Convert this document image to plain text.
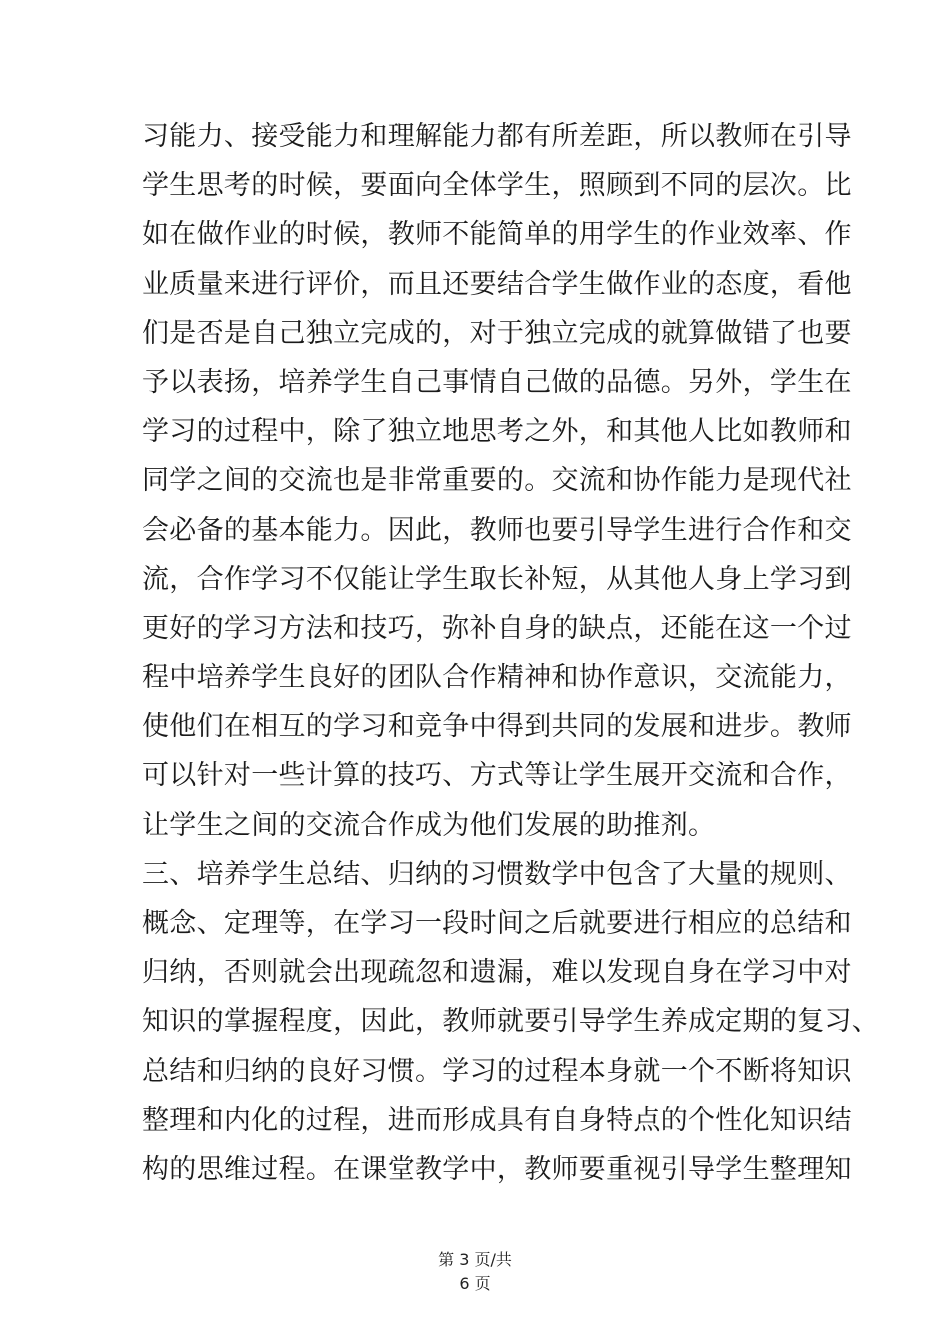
习能力、接受能力和理解能力都有所差距，所以教师在引导
学生思考的时候，要面向全体学生，照顾到不同的层次。比
如在做作业的时候，教师不能简单的用学生的作业效率、作
业质量来进行评价，而且还要结合学生做作业的态度，看他
们是否是自己独立完成的，对于独立完成的就算做错了也要
予以表扬，培养学生自己事情自己做的品德。另外，学生在
学习的过程中，除了独立地思考之外，和其他人比如教师和
同学之间的交流也是非常重要的。交流和协作能力是现代社
会必备的基本能力。因此，教师也要引导学生进行合作和交
流，合作学习不仅能让学生取长补短，从其他人身上学习到
更好的学习方法和技巧，弥补自身的缺点，还能在这一个过
程中培养学生良好的团队合作精神和协作意识，交流能力，
使他们在相互的学习和竞争中得到共同的发展和进步。教师
可以针对一些计算的技巧、方式等让学生展开交流和合作，
让学生之间的交流合作成为他们发展的助推剂。
三、培养学生总结、归纳的习惯数学中包含了大量的规则、
概念、定理等，在学习一段时间之后就要进行相应的总结和
归纳，否则就会出现疏忽和遗漏，难以发现自身在学习中对
知识的掌握程度，因此，教师就要引导学生养成定期的复习、
总结和归纳的良好习惯。学习的过程本身就一个不断将知识
整理和内化的过程，进而形成具有自身特点的个性化知识结
构的思维过程。在课堂教学中，教师要重视引导学生整理知
第 3 页/共
6 页
